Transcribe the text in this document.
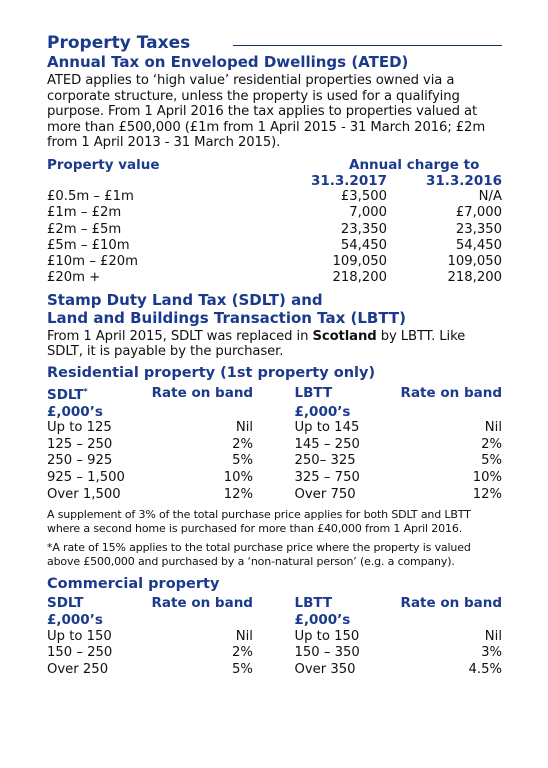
Property Taxes
Annual Tax on Enveloped Dwellings (ATED)

ATED applies to ‘high value’ residential properties owned via a corporate structure, unless the property is used for a qualifying purpose. From 1 April 2016 the tax applies to properties valued at more than £500,000 (£1m from 1 April 2015 - 31 March 2016; £2m from 1 April 2013 - 31 March 2015).

Property value	Annual charge to	
	31.3.2017	31.3.2016
£0.5m – £1m	£3,500	N/A
£1m – £2m	7,000	£7,000
£2m – £5m	23,350	23,350
£5m – £10m	54,450	54,450
£10m – £20m	109,050	109,050
£20m +	218,200	218,200
Stamp Duty Land Tax (SDLT) and
Land and Buildings Transaction Tax (LBTT)

From 1 April 2015, SDLT was replaced in Scotland by LBTT. Like SDLT, it is payable by the purchaser.

Residential property (1st property only)
SDLT*	Rate on band		LBTT	Rate on band
£,000’s			£,000’s	
Up to 125	Nil		Up to 145	Nil
125 – 250	2%		145 – 250	2%
250 – 925	5%		250– 325	5%
925 – 1,500	10%		325 – 750	10%
Over 1,500	12%		Over 750	12%

A supplement of 3% of the total purchase price applies for both SDLT and LBTT where a second home is purchased for more than £40,000 from 1 April 2016.

*A rate of 15% applies to the total purchase price where the property is valued above £500,000 and purchased by a ‘non-natural person’ (e.g. a company).

Commercial property
SDLT	Rate on band		LBTT	Rate on band
£,000’s			£,000’s	
Up to 150	Nil		Up to 150	Nil
150 – 250	2%		150 – 350	3%
Over 250	5%		Over 350	4.5%
